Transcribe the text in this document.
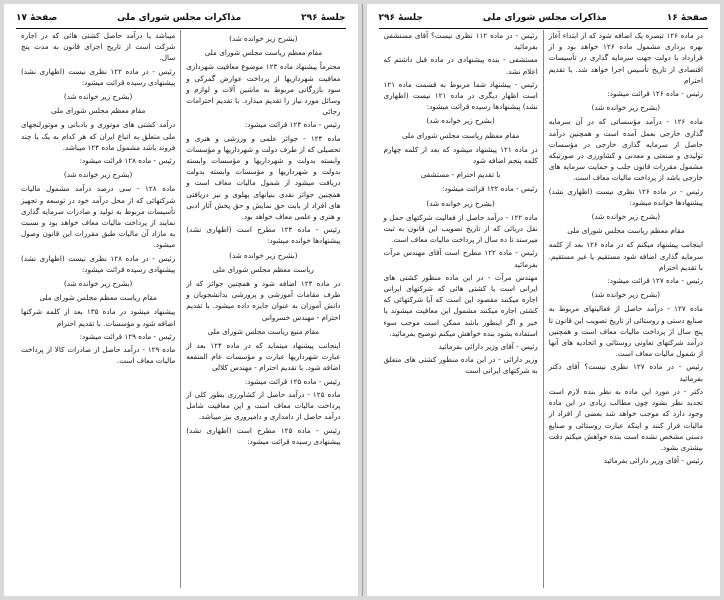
جلسهٔ ۲۹۶
مذاکرات مجلس شورای ملی
صفحهٔ ۱۷

(بشرح زیر خوانده شد)

مقام معظم ریاست مجلس شورای ملی

محترماً پیشنهاد ماده ۱۲۳ موضوع معافیت شهرداری معافیت شهرداریها از پرداخت عوارض گمرکی و سود بازرگانی مربوط به ماشین آلات و لوازم و وسائل مورد نیاز را تقدیم میدارد. با تقدیم احترامات رجائی

رئیس - ماده ۱۲۴ قرائت میشود:

ماده ۱۲۴ - جوائز علمی و ورزشی و هنری و تحصیلی که از طرف دولت و شهرداریها و مؤسسات وابسته بدولت و شهرداریها و مؤسسات وابسته بدولت و شهرداریها و مؤسسات وابسته بدولت دریافت میشود از شمول مالیات معاف است و همچنین جوائز نقدی بنیانهای پهلوی و نیز دریافتی های افراد از بابت حق نمایش و حق پخش آثار ادبی و هنری و علمی معاف خواهد بود.

رئیس - ماده ۱۲۴ مطرح است (اظهاری نشد) پیشنهادها خوانده میشود:

(بشرح زیر خوانده شد)

ریاست معظم مجلس شورای ملی

در ماده ۱۲۴ اضافه شود و همچنین جوائز که از طرف مقامات آموزشی و پرورشی بدانشجویان و دانش آموزان به عنوان جایزه داده میشود. با تقدیم احترام - مهندس خسروانی

مقام منیع ریاست مجلس شورای ملی

اینجانب پیشنهاد مینماید که در ماده ۱۲۴ بعد از عبارت شهرداریها عبارت و مؤسسات عام المنفعه اضافه شود. با تقدیم احترام - مهندس کلالی

رئیس - ماده ۱۲۵ قرائت میشود:

ماده ۱۲۵ - درآمد حاصل از کشاورزی بطور کلی از پرداخت مالیات معاف است و این معافیت شامل درآمد حاصل از دامداری و دامپروری نیز میباشد.

رئیس - ماده ۱۲۵ مطرح است (اظهاری نشد) پیشنهادی رسیده قرائت میشود:

میباشد یا درآمد حاصل کشتی هائی که در اجاره شرکت است از تاریخ اجرای قانون به مدت پنج سال.

رئیس - در ماده ۱۲۲ نظری نیست (اظهاری نشد) پیشنهادی رسیده قرائت میشود:

(بشرح زیر خوانده شد)

مقام معظم مجلس شورای ملی

درآمد کشتی های موتوری و بادبانی و موتورلنجهای ملی متعلق به اتباع ایران که هر کدام به یک یا چند فروند باشد مشمول ماده ۱۲۴ میباشد.

رئیس - ماده ۱۲۸ قرائت میشود:

(بشرح زیر خوانده شد)

ماده ۱۲۸ - سی درصد درآمد مشمول مالیات شرکتهائی که از محل درآمد خود در توسعه و تجهیز تأسیسات مربوط به تولید و صادرات سرمایه گذاری نمایند از پرداخت مالیات معاف خواهد بود و نسبت به مازاد آن مالیات طبق مقررات این قانون وصول میشود.

رئیس - در ماده ۱۲۸ نظری نیست (اظهاری نشد) پیشنهادی رسیده قرائت میشود:

(بشرح زیر خوانده شد)

مقام ریاست معظم مجلس شورای ملی

پیشنهاد میشود در ماده ۱۳۵ بعد از کلمه شرکتها اضافه شود و مؤسسات. با تقدیم احترام

رئیس - ماده ۱۲۹ قرائت میشود:

ماده ۱۲۹ - درآمد حاصل از صادرات کالا از پرداخت مالیات معاف است.

صفحهٔ ۱۶
مذاکرات مجلس شورای ملی
جلسهٔ ۲۹۶

در ماده ۱۲۶ تبصره یک اضافه شود که از ابتداء آغاز بهره برداری مشمول ماده ۱۲۶ خواهد بود و از قرارداد با دولت جهت سرمایه گذاری در تأسیسات اقتصادی از تاریخ تأسیس اجرا خواهد شد. با تقدیم احترام

رئیس - ماده ۱۲۶ قرائت میشود:

(بشرح زیر خوانده شد)

ماده ۱۲۶ - درآمد مؤسساتی که در آن سرمایه گذاری خارجی بعمل آمده است و همچنین درآمد حاصل از سرمایه گذاری خارجی در مؤسسات تولیدی و صنعتی و معدنی و کشاورزی در صورتیکه مشمول مقررات قانون جلب و حمایت سرمایه های خارجی باشد از پرداخت مالیات معاف است.

رئیس - در ماده ۱۲۶ نظری نیست (اظهاری نشد) پیشنهادها خوانده میشود:

(بشرح زیر خوانده شد)

مقام معظم ریاست مجلس شورای ملی

اینجانب پیشنهاد میکنم که در ماده ۱۲۶ بعد از کلمه سرمایه گذاری اضافه شود مستقیم یا غیر مستقیم. با تقدیم احترام

رئیس - ماده ۱۲۷ قرائت میشود:

(بشرح زیر خوانده شد)

ماده ۱۲۷ - درآمد حاصل از فعالیتهای مربوط به صنایع دستی و روستائی از تاریخ تصویب این قانون تا پنج سال از پرداخت مالیات معاف است و همچنین درآمد شرکتهای تعاونی روستائی و اتحادیه های آنها از شمول مالیات معاف است.

رئیس - در ماده ۱۲۷ نظری نیست؟ آقای دکتر بفرمائید

دکتر - در مورد این ماده به نظر بنده لازم است تجدید نظر بشود چون مطالب زیادی در این ماده وجود دارد که موجب خواهد شد بعضی از افراد از مالیات فرار کنند و اینکه عبارت روستائی و صنایع دستی مشخص نشده است بنده خواهش میکنم دقت بیشتری بشود.

رئیس - آقای وزیر دارائی بفرمائید

رئیس - در ماده ۱۱۲ نظری نیست؟ آقای مستشفی بفرمائید

مستشفی - بنده پیشنهادی در ماده قبل داشتم که اعلام نشد.

رئیس - پیشنهاد شما مربوط به قسمت ماده ۱۲۱ است اظهار دیگری در ماده ۱۲۱ نیست (اظهاری نشد) پیشنهادها رسیده قرائت میشود:

(بشرح زیر خوانده شد)

مقام معظم ریاست مجلس شورای ملی

در ماده ۱۲۱ پیشنهاد میشود که بعد از کلمه چهارم کلمه پنجم اضافه شود

با تقدیم احترام - مستشفی

رئیس - ماده ۱۲۲ قرائت میشود:

(بشرح زیر خوانده شد)

ماده ۱۲۲ - درآمد حاصل از فعالیت شرکتهای حمل و نقل دریائی که از تاریخ تصویب این قانون به ثبت میرسند تا ده سال از پرداخت مالیات معاف است.

رئیس - ماده ۱۲۲ مطرح است آقای مهندس مرآت بفرمائید

مهندس مرآت - در این ماده منظور کشتی های ایرانی است یا کشتی هائی که شرکتهای ایرانی اجاره میکنند مقصود این است که آیا شرکتهائی که کشتی اجاره میکنند مشمول این معافیت میشوند یا خیر و اگر اینطور باشد ممکن است موجب سوء استفاده بشود بنده خواهش میکنم توضیح بفرمائید.

رئیس - آقای وزیر دارائی بفرمائید

وزیر دارائی - در این ماده منظور کشتی های متعلق به شرکتهای ایرانی است
